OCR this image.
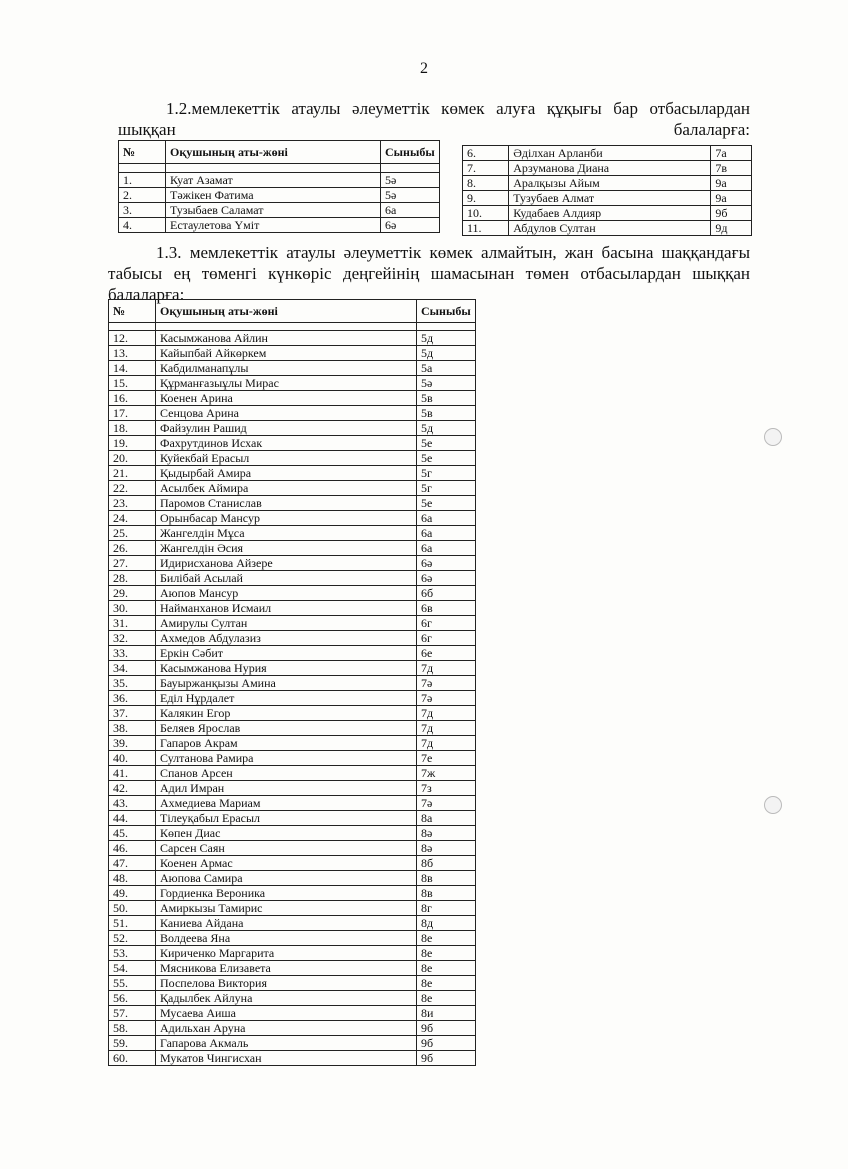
2
1.2.мемлекеттік атаулы әлеуметтік көмек алуға құқығы бар отбасылардан шыққан балаларға:
№	Оқушының аты-жөні	Сыныбы

1.	Куат Азамат	5ә
2.	Тәжікен Фатима	5ә
3.	Тузыбаев Саламат	6а
4.	Естаулетова Үміт	6ә
6.	Әділхан Арланби	7а
7.	Арзуманова Диана	7в
8.	Аралқызы Айым	9а
9.	Тузубаев Алмат	9а
10.	Кудабаев Алдияр	9б
11.	Абдулов Султан	9д
1.3. мемлекеттік атаулы әлеуметтік көмек алмайтын, жан басына шаққандағы табысы ең төменгі күнкөріс деңгейінің шамасынан төмен отбасылардан шыққан балаларға:
№	Оқушының аты-жөні	Сыныбы

12.	Касымжанова Айлин	5д
13.	Кайыпбай Айкөркем	5д
14.	Кабдилманапұлы	5а
15.	Құрманғазыұлы Мирас	5ә
16.	Коенен Арина	5в
17.	Сенцова Арина	5в
18.	Файзулин Рашид	5д
19.	Фахрутдинов Исхак	5е
20.	Куйекбай Ерасыл	5е
21.	Қыдырбай Амира	5г
22.	Асылбек Аймира	5г
23.	Паромов Станислав	5е
24.	Орынбасар Мансур	6а
25.	Жангелдін Мұса	6а
26.	Жангелдін Әсия	6а
27.	Идирисханова Айзере	6ә
28.	Билібай Асылай	6ә
29.	Аюпов Мансур	6б
30.	Найманханов Исмаил	6в
31.	Амирулы Султан	6г
32.	Ахмедов Абдулазиз	6г
33.	Еркін Сәбит	6е
34.	Касымжанова Нурия	7д
35.	Бауыржанқызы Амина	7ә
36.	Еділ Нұрдалет	7ә
37.	Калякин Егор	7д
38.	Беляев Ярослав	7д
39.	Гапаров Акрам	7д
40.	Султанова Рамира	7е
41.	Спанов Арсен	7ж
42.	Адил Имран	7з
43.	Ахмедиева Мариам	7ә
44.	Тілеуқабыл Ерасыл	8а
45.	Көпен Диас	8ә
46.	Сарсен Саян	8ә
47.	Коенен Армас	8б
48.	Аюпова Самира	8в
49.	Гордиенка Вероника	8в
50.	Амиркызы Тамирис	8г
51.	Каниева Айдана	8д
52.	Волдеева Яна	8е
53.	Кириченко Маргарита	8е
54.	Мясникова Елизавета	8е
55.	Поспелова Виктория	8е
56.	Қадылбек Айлуна	8е
57.	Мусаева Аиша	8и
58.	Адильхан Аруна	9б
59.	Гапарова Акмаль	9б
60.	Мукатов Чингисхан	9б
